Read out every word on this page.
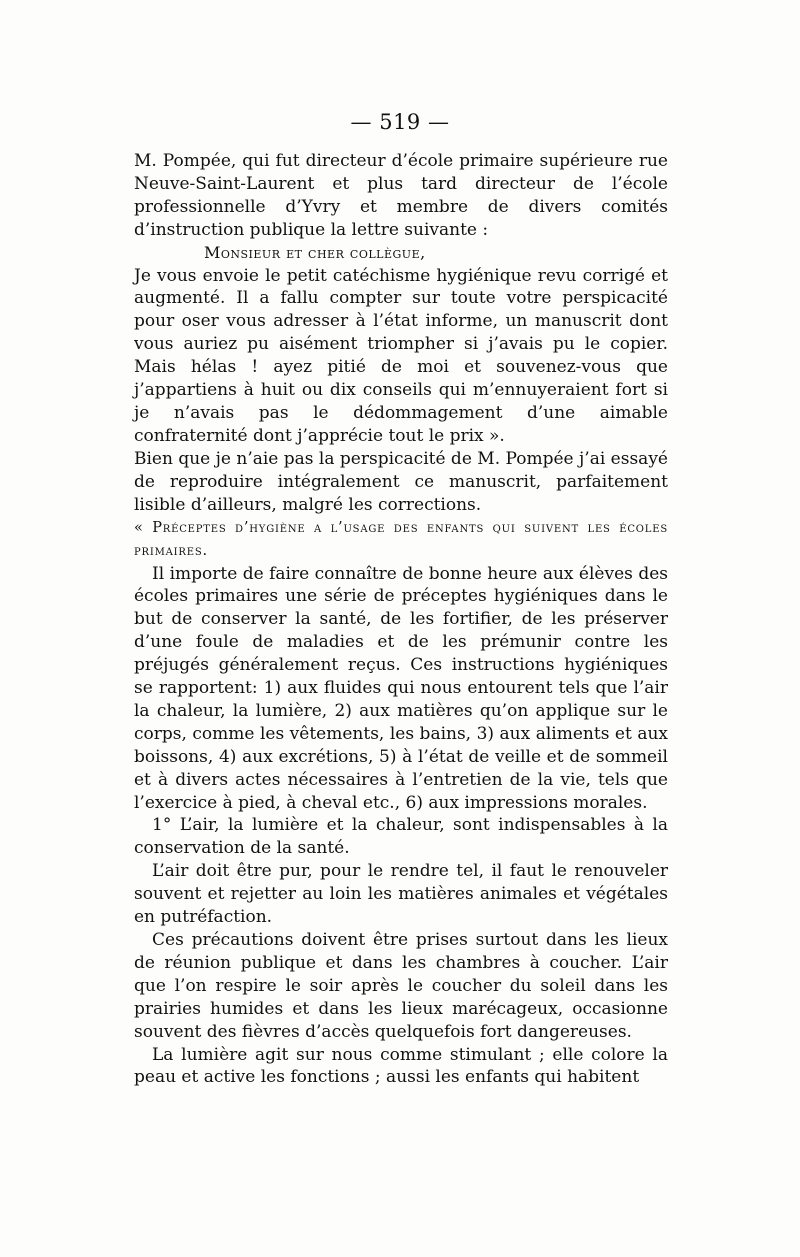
— 519 —

M. Pompée, qui fut directeur d’école primaire supérieure rue Neuve-Saint-Laurent et plus tard directeur de l’école professionnelle d’Yvry et membre de divers comités d’instruction publique la lettre suivante :

Monsieur et cher collègue,

Je vous envoie le petit catéchisme hygiénique revu corrigé et augmenté. Il a fallu compter sur toute votre perspicacité pour oser vous adresser à l’état informe, un manuscrit dont vous auriez pu aisément triompher si j’avais pu le copier. Mais hélas ! ayez pitié de moi et souvenez-vous que j’appartiens à huit ou dix conseils qui m’ennuyeraient fort si je n’avais pas le dédommagement d’une aimable confraternité dont j’apprécie tout le prix ».

Bien que je n’aie pas la perspicacité de M. Pompée j’ai essayé de reproduire intégralement ce manuscrit, parfaitement lisible d’ailleurs, malgré les corrections.

« Préceptes d’hygiène a l’usage des enfants qui suivent les écoles primaires.

Il importe de faire connaître de bonne heure aux élèves des écoles primaires une série de préceptes hygiéniques dans le but de conserver la santé, de les fortifier, de les préserver d’une foule de maladies et de les prémunir contre les préjugés généralement reçus. Ces instructions hygiéniques se rapportent: 1) aux fluides qui nous entourent tels que l’air la chaleur, la lumière, 2) aux matières qu’on applique sur le corps, comme les vêtements, les bains, 3) aux aliments et aux boissons, 4) aux excrétions, 5) à l’état de veille et de sommeil et à divers actes nécessaires à l’entretien de la vie, tels que l’exercice à pied, à cheval etc., 6) aux impressions morales.

1° L’air, la lumière et la chaleur, sont indispensables à la conservation de la santé.

L’air doit être pur, pour le rendre tel, il faut le renouveler souvent et rejetter au loin les matières animales et végétales en putréfaction.

Ces précautions doivent être prises surtout dans les lieux de réunion publique et dans les chambres à coucher. L’air que l’on respire le soir après le coucher du soleil dans les prairies humides et dans les lieux marécageux, occasionne souvent des fièvres d’accès quelquefois fort dangereuses.

La lumière agit sur nous comme stimulant ; elle colore la peau et active les fonctions ; aussi les enfants qui habitent
